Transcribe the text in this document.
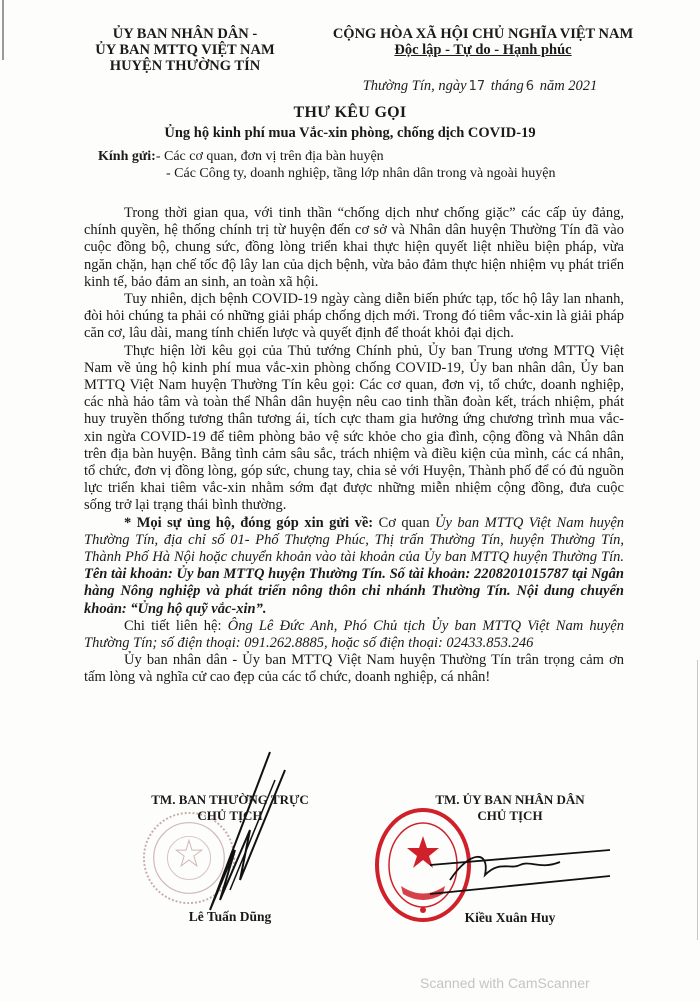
ỦY BAN NHÂN DÂN -
ỦY BAN MTTQ VIỆT NAM
HUYỆN THƯỜNG TÍN
CỘNG HÒA XÃ HỘI CHỦ NGHĨA VIỆT NAM
Độc lập - Tự do - Hạnh phúc
Thường Tín, ngày 17 tháng 6 năm 2021
THƯ KÊU GỌI
Ủng hộ kinh phí mua Vắc-xin phòng, chống dịch COVID-19
Kính gửi:- Các cơ quan, đơn vị trên địa bàn huyện
- Các Công ty, doanh nghiệp, tầng lớp nhân dân trong và ngoài huyện

Trong thời gian qua, với tinh thần “chống dịch như chống giặc” các cấp ủy đảng, chính quyền, hệ thống chính trị từ huyện đến cơ sở và Nhân dân huyện Thường Tín đã vào cuộc đồng bộ, chung sức, đồng lòng triển khai thực hiện quyết liệt nhiều biện pháp, vừa ngăn chặn, hạn chế tốc độ lây lan của dịch bệnh, vừa bảo đảm thực hiện nhiệm vụ phát triển kinh tế, bảo đảm an sinh, an toàn xã hội.

Tuy nhiên, dịch bệnh COVID-19 ngày càng diễn biến phức tạp, tốc hộ lây lan nhanh, đòi hỏi chúng ta phải có những giải pháp chống dịch mới. Trong đó tiêm vắc-xin là giải pháp căn cơ, lâu dài, mang tính chiến lược và quyết định để thoát khỏi đại dịch.

Thực hiện lời kêu gọi của Thủ tướng Chính phủ, Ủy ban Trung ương MTTQ Việt Nam về ủng hộ kinh phí mua vắc-xin phòng chống COVID-19, Ủy ban nhân dân, Ủy ban MTTQ Việt Nam huyện Thường Tín kêu gọi: Các cơ quan, đơn vị, tổ chức, doanh nghiệp, các nhà hảo tâm và toàn thể Nhân dân huyện nêu cao tinh thần đoàn kết, trách nhiệm, phát huy truyền thống tương thân tương ái, tích cực tham gia hưởng ứng chương trình mua vắc-xin ngừa COVID-19 để tiêm phòng bảo vệ sức khỏe cho gia đình, cộng đồng và Nhân dân trên địa bàn huyện. Bằng tình cảm sâu sắc, trách nhiệm và điều kiện của mình, các cá nhân, tổ chức, đơn vị đồng lòng, góp sức, chung tay, chia sẻ với Huyện, Thành phố để có đủ nguồn lực triển khai tiêm vắc-xin nhằm sớm đạt được những miễn nhiệm cộng đồng, đưa cuộc sống trở lại trạng thái bình thường.

* Mọi sự ủng hộ, đóng góp xin gửi về: Cơ quan Ủy ban MTTQ Việt Nam huyện Thường Tín, địa chỉ số 01- Phố Thượng Phúc, Thị trấn Thường Tín, huyện Thường Tín, Thành Phố Hà Nội hoặc chuyển khoản vào tài khoản của Ủy ban MTTQ huyện Thường Tín. Tên tài khoản: Ủy ban MTTQ huyện Thường Tín. Số tài khoản: 2208201015787 tại Ngân hàng Nông nghiệp và phát triển nông thôn chi nhánh Thường Tín. Nội dung chuyển khoản: “Ủng hộ quỹ vắc-xin”.

Chi tiết liên hệ: Ông Lê Đức Anh, Phó Chủ tịch Ủy ban MTTQ Việt Nam huyện Thường Tín; số điện thoại: 091.262.8885, hoặc số điện thoại: 02433.853.246

Ủy ban nhân dân - Ủy ban MTTQ Việt Nam huyện Thường Tín trân trọng cảm ơn tấm lòng và nghĩa cử cao đẹp của các tổ chức, doanh nghiệp, cá nhân!

TM. BAN THƯỜNG TRỰC
CHỦ TỊCH
TM. ỦY BAN NHÂN DÂN
CHỦ TỊCH
Lê Tuấn Dũng	Kiều Xuân Huy
Scanned with CamScanner
